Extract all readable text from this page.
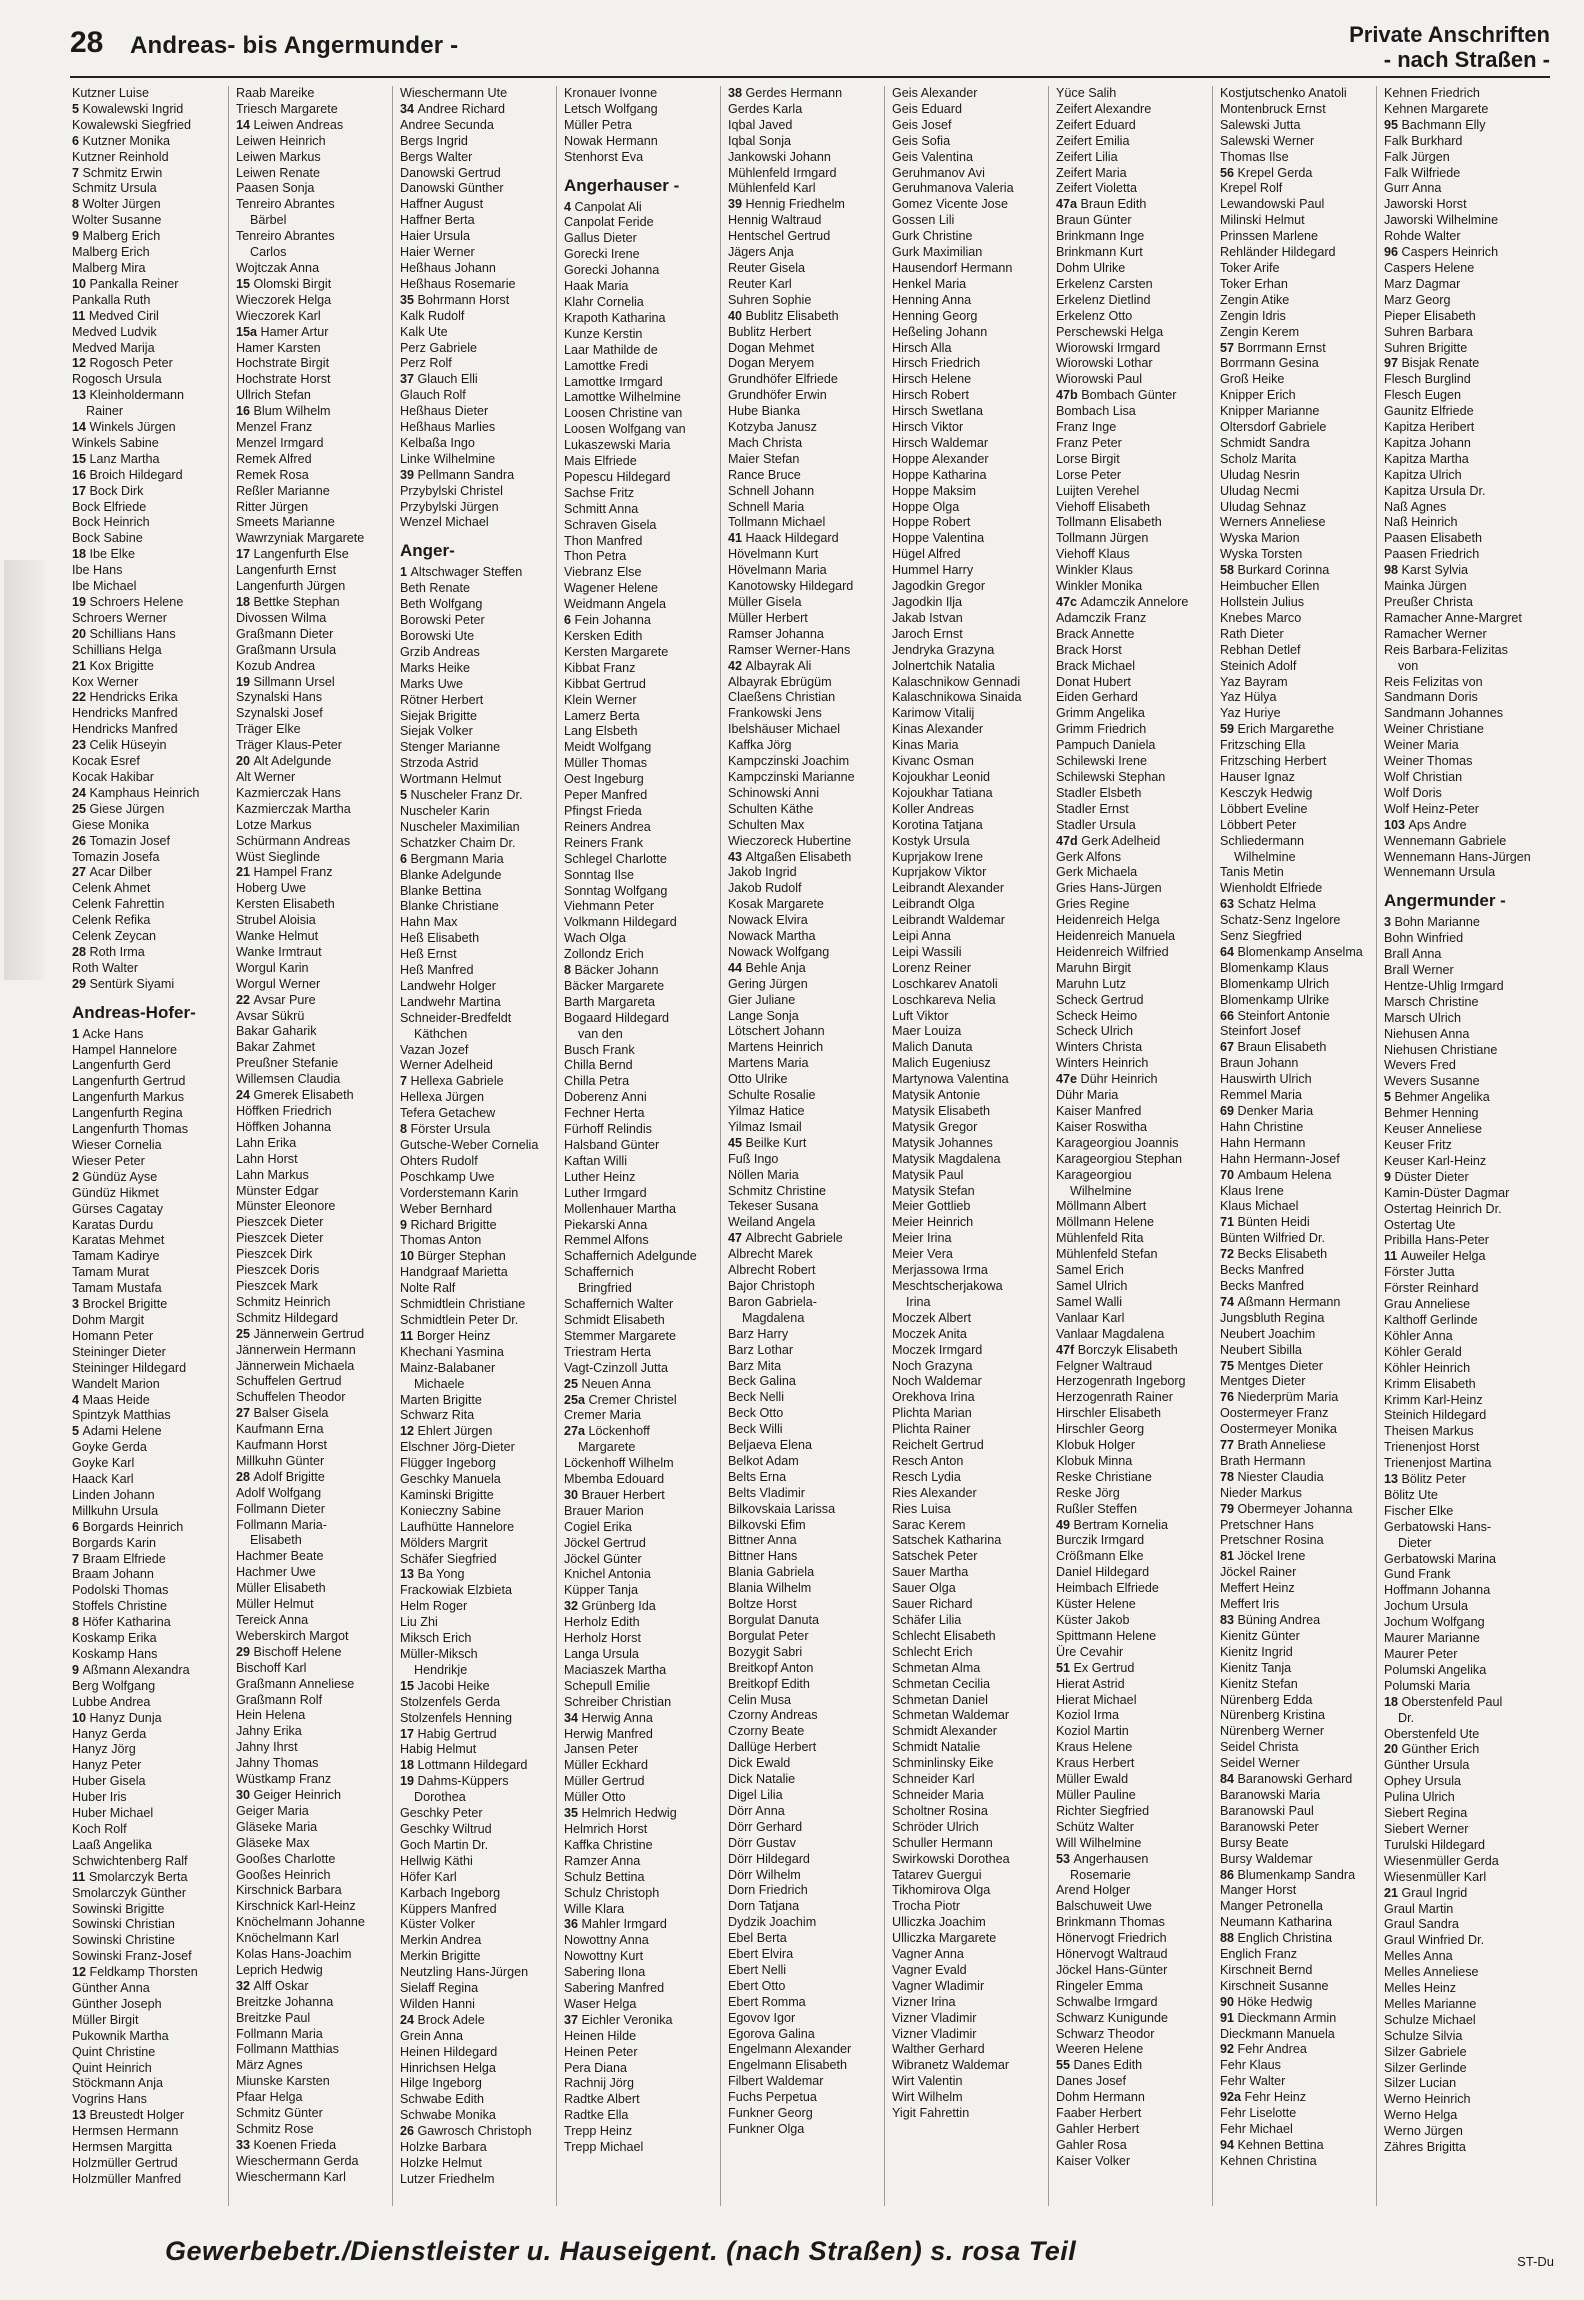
28 Andreas- bis Angermunder -	Private Anschriften
- nach Straßen -

Kutzner Luise

5 Kowalewski Ingrid

Kowalewski Siegfried

6 Kutzner Monika

Kutzner Reinhold

7 Schmitz Erwin

Schmitz Ursula

8 Wolter Jürgen

Wolter Susanne

9 Malberg Erich

Malberg Erich

Malberg Mira

10 Pankalla Reiner

Pankalla Ruth

11 Medved Ciril

Medved Ludvik

Medved Marija

12 Rogosch Peter

Rogosch Ursula

13 Kleinholdermann

Rainer

14 Winkels Jürgen

Winkels Sabine

15 Lanz Martha

16 Broich Hildegard

17 Bock Dirk

Bock Elfriede

Bock Heinrich

Bock Sabine

18 Ibe Elke

Ibe Hans

Ibe Michael

19 Schroers Helene

Schroers Werner

20 Schillians Hans

Schillians Helga

21 Kox Brigitte

Kox Werner

22 Hendricks Erika

Hendricks Manfred

Hendricks Manfred

23 Celik Hüseyin

Kocak Esref

Kocak Hakibar

24 Kamphaus Heinrich

25 Giese Jürgen

Giese Monika

26 Tomazin Josef

Tomazin Josefa

27 Acar Dilber

Celenk Ahmet

Celenk Fahrettin

Celenk Refika

Celenk Zeycan

28 Roth Irma

Roth Walter

29 Sentürk Siyami

Andreas-Hofer-

1 Acke Hans

Hampel Hannelore

Langenfurth Gerd

Langenfurth Gertrud

Langenfurth Markus

Langenfurth Regina

Langenfurth Thomas

Wieser Cornelia

Wieser Peter

2 Gündüz Ayse

Gündüz Hikmet

Gürses Cagatay

Karatas Durdu

Karatas Mehmet

Tamam Kadirye

Tamam Murat

Tamam Mustafa

3 Brockel Brigitte

Dohm Margit

Homann Peter

Steininger Dieter

Steininger Hildegard

Wandelt Marion

4 Maas Heide

Spintzyk Matthias

5 Adami Helene

Goyke Gerda

Goyke Karl

Haack Karl

Linden Johann

Millkuhn Ursula

6 Borgards Heinrich

Borgards Karin

7 Braam Elfriede

Braam Johann

Podolski Thomas

Stoffels Christine

8 Höfer Katharina

Koskamp Erika

Koskamp Hans

9 Aßmann Alexandra

Berg Wolfgang

Lubbe Andrea

10 Hanyz Dunja

Hanyz Gerda

Hanyz Jörg

Hanyz Peter

Huber Gisela

Huber Iris

Huber Michael

Koch Rolf

Laaß Angelika

Schwichtenberg Ralf

11 Smolarczyk Berta

Smolarczyk Günther

Sowinski Brigitte

Sowinski Christian

Sowinski Christine

Sowinski Franz-Josef

12 Feldkamp Thorsten

Günther Anna

Günther Joseph

Müller Birgit

Pukownik Martha

Quint Christine

Quint Heinrich

Stöckmann Anja

Vogrins Hans

13 Breustedt Holger

Hermsen Hermann

Hermsen Margitta

Holzmüller Gertrud

Holzmüller Manfred

Raab Mareike

Triesch Margarete

14 Leiwen Andreas

Leiwen Heinrich

Leiwen Markus

Leiwen Renate

Paasen Sonja

Tenreiro Abrantes

Bärbel

Tenreiro Abrantes

Carlos

Wojtczak Anna

15 Olomski Birgit

Wieczorek Helga

Wieczorek Karl

15a Hamer Artur

Hamer Karsten

Hochstrate Birgit

Hochstrate Horst

Ullrich Stefan

16 Blum Wilhelm

Menzel Franz

Menzel Irmgard

Remek Alfred

Remek Rosa

Reßler Marianne

Ritter Jürgen

Smeets Marianne

Wawrzyniak Margarete

17 Langenfurth Else

Langenfurth Ernst

Langenfurth Jürgen

18 Bettke Stephan

Divossen Wilma

Graßmann Dieter

Graßmann Ursula

Kozub Andrea

19 Sillmann Ursel

Szynalski Hans

Szynalski Josef

Träger Elke

Träger Klaus-Peter

20 Alt Adelgunde

Alt Werner

Kazmierczak Hans

Kazmierczak Martha

Lotze Markus

Schürmann Andreas

Wüst Sieglinde

21 Hampel Franz

Hoberg Uwe

Kersten Elisabeth

Strubel Aloisia

Wanke Helmut

Wanke Irmtraut

Worgul Karin

Worgul Werner

22 Avsar Pure

Avsar Sükrü

Bakar Gaharik

Bakar Zahmet

Preußner Stefanie

Willemsen Claudia

24 Gmerek Elisabeth

Höffken Friedrich

Höffken Johanna

Lahn Erika

Lahn Horst

Lahn Markus

Münster Edgar

Münster Eleonore

Pieszcek Dieter

Pieszcek Dieter

Pieszcek Dirk

Pieszcek Doris

Pieszcek Mark

Schmitz Heinrich

Schmitz Hildegard

25 Jännerwein Gertrud

Jännerwein Hermann

Jännerwein Michaela

Schuffelen Gertrud

Schuffelen Theodor

27 Balser Gisela

Kaufmann Erna

Kaufmann Horst

Millkuhn Günter

28 Adolf Brigitte

Adolf Wolfgang

Follmann Dieter

Follmann Maria-

Elisabeth

Hachmer Beate

Hachmer Uwe

Müller Elisabeth

Müller Helmut

Tereick Anna

Weberskirch Margot

29 Bischoff Helene

Bischoff Karl

Graßmann Anneliese

Graßmann Rolf

Hein Helena

Jahny Erika

Jahny Ihrst

Jahny Thomas

Wüstkamp Franz

30 Geiger Heinrich

Geiger Maria

Gläseke Maria

Gläseke Max

Gooßes Charlotte

Gooßes Heinrich

Kirschnick Barbara

Kirschnick Karl-Heinz

Knöchelmann Johanne

Knöchelmann Karl

Kolas Hans-Joachim

Leprich Hedwig

32 Alff Oskar

Breitzke Johanna

Breitzke Paul

Follmann Maria

Follmann Matthias

März Agnes

Miunske Karsten

Pfaar Helga

Schmitz Günter

Schmitz Rose

33 Koenen Frieda

Wieschermann Gerda

Wieschermann Karl

Wieschermann Ute

34 Andree Richard

Andree Secunda

Bergs Ingrid

Bergs Walter

Danowski Gertrud

Danowski Günther

Haffner August

Haffner Berta

Haier Ursula

Haier Werner

Heßhaus Johann

Heßhaus Rosemarie

35 Bohrmann Horst

Kalk Rudolf

Kalk Ute

Perz Gabriele

Perz Rolf

37 Glauch Elli

Glauch Rolf

Heßhaus Dieter

Heßhaus Marlies

Kelbaßa Ingo

Linke Wilhelmine

39 Pellmann Sandra

Przybylski Christel

Przybylski Jürgen

Wenzel Michael

Anger-

1 Altschwager Steffen

Beth Renate

Beth Wolfgang

Borowski Peter

Borowski Ute

Grzib Andreas

Marks Heike

Marks Uwe

Rötner Herbert

Siejak Brigitte

Siejak Volker

Stenger Marianne

Strzoda Astrid

Wortmann Helmut

5 Nuscheler Franz Dr.

Nuscheler Karin

Nuscheler Maximilian

Schatzker Chaim Dr.

6 Bergmann Maria

Blanke Adelgunde

Blanke Bettina

Blanke Christiane

Hahn Max

Heß Elisabeth

Heß Ernst

Heß Manfred

Landwehr Holger

Landwehr Martina

Schneider-Bredfeldt

Käthchen

Vazan Jozef

Werner Adelheid

7 Hellexa Gabriele

Hellexa Jürgen

Tefera Getachew

8 Förster Ursula

Gutsche-Weber Cornelia

Ohters Rudolf

Poschkamp Uwe

Vorderstemann Karin

Weber Bernhard

9 Richard Brigitte

Thomas Anton

10 Bürger Stephan

Handgraaf Marietta

Nolte Ralf

Schmidtlein Christiane

Schmidtlein Peter Dr.

11 Borger Heinz

Khechani Yasmina

Mainz-Balabaner

Michaele

Marten Brigitte

Schwarz Rita

12 Ehlert Jürgen

Elschner Jörg-Dieter

Flügger Ingeborg

Geschky Manuela

Kaminski Brigitte

Konieczny Sabine

Laufhütte Hannelore

Mölders Margrit

Schäfer Siegfried

13 Ba Yong

Frackowiak Elzbieta

Helm Roger

Liu Zhi

Miksch Erich

Müller-Miksch

Hendrikje

15 Jacobi Heike

Stolzenfels Gerda

Stolzenfels Henning

17 Habig Gertrud

Habig Helmut

18 Lottmann Hildegard

19 Dahms-Küppers

Dorothea

Geschky Peter

Geschky Wiltrud

Goch Martin Dr.

Hellwig Käthi

Höfer Karl

Karbach Ingeborg

Küppers Manfred

Küster Volker

Merkin Andrea

Merkin Brigitte

Neutzling Hans-Jürgen

Sielaff Regina

Wilden Hanni

24 Brock Adele

Grein Anna

Heinen Hildegard

Hinrichsen Helga

Hilge Ingeborg

Schwabe Edith

Schwabe Monika

26 Gawrosch Christoph

Holzke Barbara

Holzke Helmut

Lutzer Friedhelm

Kronauer Ivonne

Letsch Wolfgang

Müller Petra

Nowak Hermann

Stenhorst Eva

Angerhauser -

4 Canpolat Ali

Canpolat Feride

Gallus Dieter

Gorecki Irene

Gorecki Johanna

Haak Maria

Klahr Cornelia

Krapoth Katharina

Kunze Kerstin

Laar Mathilde de

Lamottke Fredi

Lamottke Irmgard

Lamottke Wilhelmine

Loosen Christine van

Loosen Wolfgang van

Lukaszewski Maria

Mais Elfriede

Popescu Hildegard

Sachse Fritz

Schmitt Anna

Schraven Gisela

Thon Manfred

Thon Petra

Viebranz Else

Wagener Helene

Weidmann Angela

6 Fein Johanna

Kersken Edith

Kersten Margarete

Kibbat Franz

Kibbat Gertrud

Klein Werner

Lamerz Berta

Lang Elsbeth

Meidt Wolfgang

Müller Thomas

Oest Ingeburg

Peper Manfred

Pfingst Frieda

Reiners Andrea

Reiners Frank

Schlegel Charlotte

Sonntag Ilse

Sonntag Wolfgang

Viehmann Peter

Volkmann Hildegard

Wach Olga

Zollondz Erich

8 Bäcker Johann

Bäcker Margarete

Barth Margareta

Bogaard Hildegard

van den

Busch Frank

Chilla Bernd

Chilla Petra

Doberenz Anni

Fechner Herta

Fürhoff Relindis

Halsband Günter

Kaftan Willi

Luther Heinz

Luther Irmgard

Mollenhauer Martha

Piekarski Anna

Remmel Alfons

Schaffernich Adelgunde

Schaffernich

Bringfried

Schaffernich Walter

Schmidt Elisabeth

Stemmer Margarete

Triestram Herta

Vagt-Czinzoll Jutta

25 Neuen Anna

25a Cremer Christel

Cremer Maria

27a Löckenhoff

Margarete

Löckenhoff Wilhelm

Mbemba Edouard

30 Brauer Herbert

Brauer Marion

Cogiel Erika

Jöckel Gertrud

Jöckel Günter

Knichel Antonia

Küpper Tanja

32 Grünberg Ida

Herholz Edith

Herholz Horst

Langa Ursula

Maciaszek Martha

Schepull Emilie

Schreiber Christian

34 Herwig Anna

Herwig Manfred

Jansen Peter

Müller Eckhard

Müller Gertrud

Müller Otto

35 Helmrich Hedwig

Helmrich Horst

Kaffka Christine

Ramzer Anna

Schulz Bettina

Schulz Christoph

Wille Klara

36 Mahler Irmgard

Nowottny Anna

Nowottny Kurt

Sabering Ilona

Sabering Manfred

Waser Helga

37 Eichler Veronika

Heinen Hilde

Heinen Peter

Pera Diana

Rachnij Jörg

Radtke Albert

Radtke Ella

Trepp Heinz

Trepp Michael

38 Gerdes Hermann

Gerdes Karla

Iqbal Javed

Iqbal Sonja

Jankowski Johann

Mühlenfeld Irmgard

Mühlenfeld Karl

39 Hennig Friedhelm

Hennig Waltraud

Hentschel Gertrud

Jägers Anja

Reuter Gisela

Reuter Karl

Suhren Sophie

40 Bublitz Elisabeth

Bublitz Herbert

Dogan Mehmet

Dogan Meryem

Grundhöfer Elfriede

Grundhöfer Erwin

Hube Bianka

Kotzyba Janusz

Mach Christa

Maier Stefan

Rance Bruce

Schnell Johann

Schnell Maria

Tollmann Michael

41 Haack Hildegard

Hövelmann Kurt

Hövelmann Maria

Kanotowsky Hildegard

Müller Gisela

Müller Herbert

Ramser Johanna

Ramser Werner-Hans

42 Albayrak Ali

Albayrak Ebrügüm

Claeßens Christian

Frankowski Jens

Ibelshäuser Michael

Kaffka Jörg

Kampczinski Joachim

Kampczinski Marianne

Schinowski Anni

Schulten Käthe

Schulten Max

Wieczoreck Hubertine

43 Altgaßen Elisabeth

Jakob Ingrid

Jakob Rudolf

Kosak Margarete

Nowack Elvira

Nowack Martha

Nowack Wolfgang

44 Behle Anja

Gering Jürgen

Gier Juliane

Lange Sonja

Lötschert Johann

Martens Heinrich

Martens Maria

Otto Ulrike

Schulte Rosalie

Yilmaz Hatice

Yilmaz Ismail

45 Beilke Kurt

Fuß Ingo

Nöllen Maria

Schmitz Christine

Tekeser Susana

Weiland Angela

47 Albrecht Gabriele

Albrecht Marek

Albrecht Robert

Bajor Christoph

Baron Gabriela-

Magdalena

Barz Harry

Barz Lothar

Barz Mita

Beck Galina

Beck Nelli

Beck Otto

Beck Willi

Beljaeva Elena

Belkot Adam

Belts Erna

Belts Vladimir

Bilkovskaia Larissa

Bilkovski Efim

Bittner Anna

Bittner Hans

Blania Gabriela

Blania Wilhelm

Boltze Horst

Borgulat Danuta

Borgulat Peter

Bozygit Sabri

Breitkopf Anton

Breitkopf Edith

Celin Musa

Czorny Andreas

Czorny Beate

Dallüge Herbert

Dick Ewald

Dick Natalie

Digel Lilia

Dörr Anna

Dörr Gerhard

Dörr Gustav

Dörr Hildegard

Dörr Wilhelm

Dorn Friedrich

Dorn Tatjana

Dydzik Joachim

Ebel Berta

Ebert Elvira

Ebert Nelli

Ebert Otto

Ebert Romma

Egovov Igor

Egorova Galina

Engelmann Alexander

Engelmann Elisabeth

Filbert Waldemar

Fuchs Perpetua

Funkner Georg

Funkner Olga

Geis Alexander

Geis Eduard

Geis Josef

Geis Sofia

Geis Valentina

Geruhmanov Avi

Geruhmanova Valeria

Gomez Vicente Jose

Gossen Lili

Gurk Christine

Gurk Maximilian

Hausendorf Hermann

Henkel Maria

Henning Anna

Henning Georg

Heßeling Johann

Hirsch Alla

Hirsch Friedrich

Hirsch Helene

Hirsch Robert

Hirsch Swetlana

Hirsch Viktor

Hirsch Waldemar

Hoppe Alexander

Hoppe Katharina

Hoppe Maksim

Hoppe Olga

Hoppe Robert

Hoppe Valentina

Hügel Alfred

Hummel Harry

Jagodkin Gregor

Jagodkin Ilja

Jakab Istvan

Jaroch Ernst

Jendryka Grazyna

Jolnertchik Natalia

Kalaschnikow Gennadi

Kalaschnikowa Sinaida

Karimow Vitalij

Kinas Alexander

Kinas Maria

Kivanc Osman

Kojoukhar Leonid

Kojoukhar Tatiana

Koller Andreas

Korotina Tatjana

Kostyk Ursula

Kuprjakow Irene

Kuprjakow Viktor

Leibrandt Alexander

Leibrandt Olga

Leibrandt Waldemar

Leipi Anna

Leipi Wassili

Lorenz Reiner

Loschkarev Anatoli

Loschkareva Nelia

Luft Viktor

Maer Louiza

Malich Danuta

Malich Eugeniusz

Martynowa Valentina

Matysik Antonie

Matysik Elisabeth

Matysik Gregor

Matysik Johannes

Matysik Magdalena

Matysik Paul

Matysik Stefan

Meier Gottlieb

Meier Heinrich

Meier Irina

Meier Vera

Merjassowa Irma

Meschtscherjakowa

Irina

Moczek Albert

Moczek Anita

Moczek Irmgard

Noch Grazyna

Noch Waldemar

Orekhova Irina

Plichta Marian

Plichta Rainer

Reichelt Gertrud

Resch Anton

Resch Lydia

Ries Alexander

Ries Luisa

Sarac Kerem

Satschek Katharina

Satschek Peter

Sauer Martha

Sauer Olga

Sauer Richard

Schäfer Lilia

Schlecht Elisabeth

Schlecht Erich

Schmetan Alma

Schmetan Cecilia

Schmetan Daniel

Schmetan Waldemar

Schmidt Alexander

Schmidt Natalie

Schminlinsky Eike

Schneider Karl

Schneider Maria

Scholtner Rosina

Schröder Ulrich

Schuller Hermann

Swirkowski Dorothea

Tatarev Guergui

Tikhomirova Olga

Trocha Piotr

Ulliczka Joachim

Ulliczka Margarete

Vagner Anna

Vagner Evald

Vagner Wladimir

Vizner Irina

Vizner Vladimir

Vizner Vladimir

Walther Gerhard

Wibranetz Waldemar

Wirt Valentin

Wirt Wilhelm

Yigit Fahrettin

Yüce Salih

Zeifert Alexandre

Zeifert Eduard

Zeifert Emilia

Zeifert Lilia

Zeifert Maria

Zeifert Violetta

47a Braun Edith

Braun Günter

Brinkmann Inge

Brinkmann Kurt

Dohm Ulrike

Erkelenz Carsten

Erkelenz Dietlind

Erkelenz Otto

Perschewski Helga

Wiorowski Irmgard

Wiorowski Lothar

Wiorowski Paul

47b Bombach Günter

Bombach Lisa

Franz Inge

Franz Peter

Lorse Birgit

Lorse Peter

Luijten Verehel

Viehoff Elisabeth

Tollmann Elisabeth

Tollmann Jürgen

Viehoff Klaus

Winkler Klaus

Winkler Monika

47c Adamczik Annelore

Adamczik Franz

Brack Annette

Brack Horst

Brack Michael

Donat Hubert

Eiden Gerhard

Grimm Angelika

Grimm Friedrich

Pampuch Daniela

Schilewski Irene

Schilewski Stephan

Stadler Elsbeth

Stadler Ernst

Stadler Ursula

47d Gerk Adelheid

Gerk Alfons

Gerk Michaela

Gries Hans-Jürgen

Gries Regine

Heidenreich Helga

Heidenreich Manuela

Heidenreich Wilfried

Maruhn Birgit

Maruhn Lutz

Scheck Gertrud

Scheck Heimo

Scheck Ulrich

Winters Christa

Winters Heinrich

47e Dühr Heinrich

Dühr Maria

Kaiser Manfred

Kaiser Roswitha

Karageorgiou Joannis

Karageorgiou Stephan

Karageorgiou

Wilhelmine

Möllmann Albert

Möllmann Helene

Mühlenfeld Rita

Mühlenfeld Stefan

Samel Erich

Samel Ulrich

Samel Walli

Vanlaar Karl

Vanlaar Magdalena

47f Borczyk Elisabeth

Felgner Waltraud

Herzogenrath Ingeborg

Herzogenrath Rainer

Hirschler Elisabeth

Hirschler Georg

Klobuk Holger

Klobuk Minna

Reske Christiane

Reske Jörg

Rußler Steffen

49 Bertram Kornelia

Burczik Irmgard

Crößmann Elke

Daniel Hildegard

Heimbach Elfriede

Küster Helene

Küster Jakob

Spittmann Helene

Üre Cevahir

51 Ex Gertrud

Hierat Astrid

Hierat Michael

Koziol Irma

Koziol Martin

Kraus Helene

Kraus Herbert

Müller Ewald

Müller Pauline

Richter Siegfried

Schütz Walter

Will Wilhelmine

53 Angerhausen

Rosemarie

Arend Holger

Balschuweit Uwe

Brinkmann Thomas

Hönervogt Friedrich

Hönervogt Waltraud

Jöckel Hans-Günter

Ringeler Emma

Schwalbe Irmgard

Schwarz Kunigunde

Schwarz Theodor

Weeren Helene

55 Danes Edith

Danes Josef

Dohm Hermann

Faaber Herbert

Gahler Herbert

Gahler Rosa

Kaiser Volker

Kostjutschenko Anatoli

Montenbruck Ernst

Salewski Jutta

Salewski Werner

Thomas Ilse

56 Krepel Gerda

Krepel Rolf

Lewandowski Paul

Milinski Helmut

Prinssen Marlene

Rehländer Hildegard

Toker Arife

Toker Erhan

Zengin Atike

Zengin Idris

Zengin Kerem

57 Borrmann Ernst

Borrmann Gesina

Groß Heike

Knipper Erich

Knipper Marianne

Oltersdorf Gabriele

Schmidt Sandra

Scholz Marita

Uludag Nesrin

Uludag Necmi

Uludag Sehnaz

Werners Anneliese

Wyska Marion

Wyska Torsten

58 Burkard Corinna

Heimbucher Ellen

Hollstein Julius

Knebes Marco

Rath Dieter

Rebhan Detlef

Steinich Adolf

Yaz Bayram

Yaz Hülya

Yaz Huriye

59 Erich Margarethe

Fritzsching Ella

Fritzsching Herbert

Hauser Ignaz

Kesczyk Hedwig

Löbbert Eveline

Löbbert Peter

Schliedermann

Wilhelmine

Tanis Metin

Wienholdt Elfriede

63 Schatz Helma

Schatz-Senz Ingelore

Senz Siegfried

64 Blomenkamp Anselma

Blomenkamp Klaus

Blomenkamp Ulrich

Blomenkamp Ulrike

66 Steinfort Antonie

Steinfort Josef

67 Braun Elisabeth

Braun Johann

Hauswirth Ulrich

Remmel Maria

69 Denker Maria

Hahn Christine

Hahn Hermann

Hahn Hermann-Josef

70 Ambaum Helena

Klaus Irene

Klaus Michael

71 Bünten Heidi

Bünten Wilfried Dr.

72 Becks Elisabeth

Becks Manfred

Becks Manfred

74 Aßmann Hermann

Jungsbluth Regina

Neubert Joachim

Neubert Sibilla

75 Mentges Dieter

Mentges Dieter

76 Niederprüm Maria

Oostermeyer Franz

Oostermeyer Monika

77 Brath Anneliese

Brath Hermann

78 Niester Claudia

Nieder Markus

79 Obermeyer Johanna

Pretschner Hans

Pretschner Rosina

81 Jöckel Irene

Jöckel Rainer

Meffert Heinz

Meffert Iris

83 Büning Andrea

Kienitz Günter

Kienitz Ingrid

Kienitz Tanja

Kienitz Stefan

Nürenberg Edda

Nürenberg Kristina

Nürenberg Werner

Seidel Christa

Seidel Werner

84 Baranowski Gerhard

Baranowski Maria

Baranowski Paul

Baranowski Peter

Bursy Beate

Bursy Waldemar

86 Blumenkamp Sandra

Manger Horst

Manger Petronella

Neumann Katharina

88 Englich Christina

Englich Franz

Kirschneit Bernd

Kirschneit Susanne

90 Höke Hedwig

91 Dieckmann Armin

Dieckmann Manuela

92 Fehr Andrea

Fehr Klaus

Fehr Walter

92a Fehr Heinz

Fehr Liselotte

Fehr Michael

94 Kehnen Bettina

Kehnen Christina

Kehnen Friedrich

Kehnen Margarete

95 Bachmann Elly

Falk Burkhard

Falk Jürgen

Falk Wilfriede

Gurr Anna

Jaworski Horst

Jaworski Wilhelmine

Rohde Walter

96 Caspers Heinrich

Caspers Helene

Marz Dagmar

Marz Georg

Pieper Elisabeth

Suhren Barbara

Suhren Brigitte

97 Bisjak Renate

Flesch Burglind

Flesch Eugen

Gaunitz Elfriede

Kapitza Heribert

Kapitza Johann

Kapitza Martha

Kapitza Ulrich

Kapitza Ursula Dr.

Naß Agnes

Naß Heinrich

Paasen Elisabeth

Paasen Friedrich

98 Karst Sylvia

Mainka Jürgen

Preußer Christa

Ramacher Anne-Margret

Ramacher Werner

Reis Barbara-Felizitas

von

Reis Felizitas von

Sandmann Doris

Sandmann Johannes

Weiner Christiane

Weiner Maria

Weiner Thomas

Wolf Christian

Wolf Doris

Wolf Heinz-Peter

103 Aps Andre

Wennemann Gabriele

Wennemann Hans-Jürgen

Wennemann Ursula

Angermunder -

3 Bohn Marianne

Bohn Winfried

Brall Anna

Brall Werner

Hentze-Uhlig Irmgard

Marsch Christine

Marsch Ulrich

Niehusen Anna

Niehusen Christiane

Wevers Fred

Wevers Susanne

5 Behmer Angelika

Behmer Henning

Keuser Anneliese

Keuser Fritz

Keuser Karl-Heinz

9 Düster Dieter

Kamin-Düster Dagmar

Ostertag Heinrich Dr.

Ostertag Ute

Pribilla Hans-Peter

11 Auweiler Helga

Förster Jutta

Förster Reinhard

Grau Anneliese

Kalthoff Gerlinde

Köhler Anna

Köhler Gerald

Köhler Heinrich

Krimm Elisabeth

Krimm Karl-Heinz

Steinich Hildegard

Theisen Markus

Trienenjost Horst

Trienenjost Martina

13 Bölitz Peter

Bölitz Ute

Fischer Elke

Gerbatowski Hans-

Dieter

Gerbatowski Marina

Gund Frank

Hoffmann Johanna

Jochum Ursula

Jochum Wolfgang

Maurer Marianne

Maurer Peter

Polumski Angelika

Polumski Maria

18 Oberstenfeld Paul

Dr.

Oberstenfeld Ute

20 Günther Erich

Günther Ursula

Ophey Ursula

Pulina Ulrich

Siebert Regina

Siebert Werner

Turulski Hildegard

Wiesenmüller Gerda

Wiesenmüller Karl

21 Graul Ingrid

Graul Martin

Graul Sandra

Graul Winfried Dr.

Melles Anna

Melles Anneliese

Melles Heinz

Melles Marianne

Schulze Michael

Schulze Silvia

Silzer Gabriele

Silzer Gerlinde

Silzer Lucian

Werno Heinrich

Werno Helga

Werno Jürgen

Zähres Brigitta

Gewerbebetr./Dienstleister u. Hauseigent. (nach Straßen) s. rosa Teil	ST-Du
